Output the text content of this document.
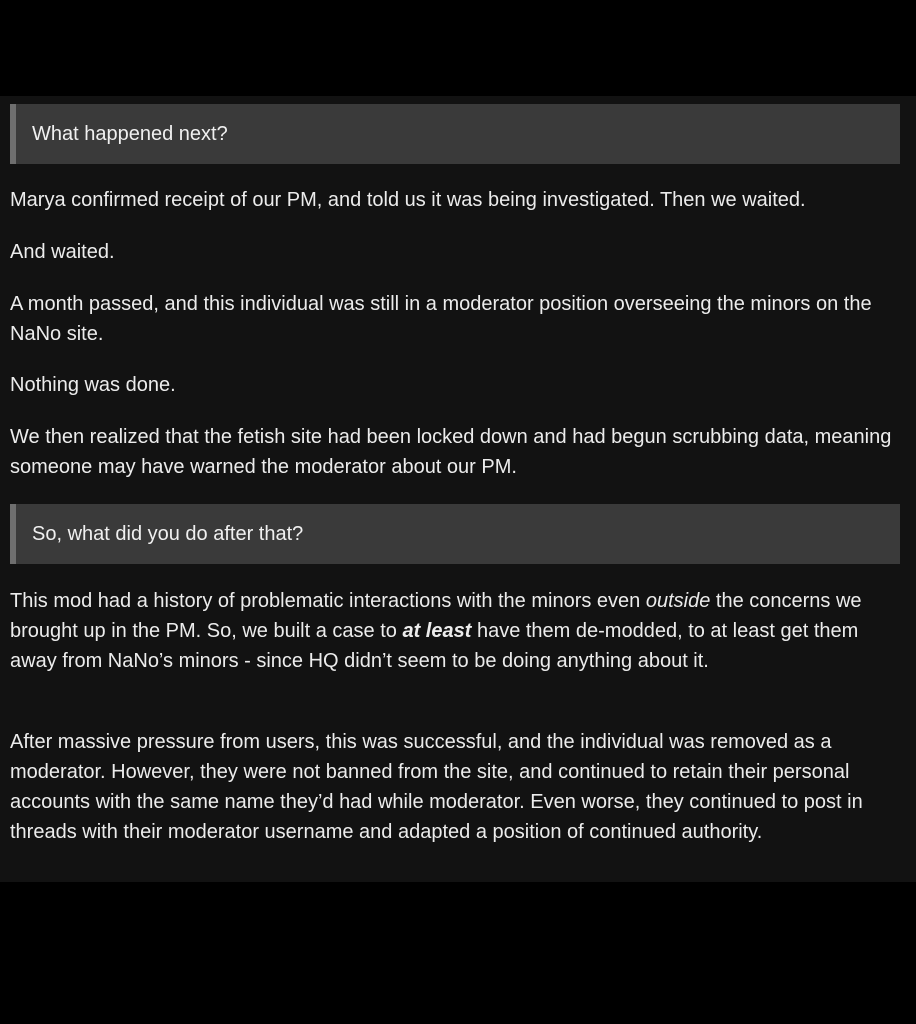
What happened next?

Marya confirmed receipt of our PM, and told us it was being investigated. Then we waited.

And waited.

A month passed, and this individual was still in a moderator position overseeing the minors on the NaNo site.

Nothing was done.

We then realized that the fetish site had been locked down and had begun scrubbing data, meaning someone may have warned the moderator about our PM.

So, what did you do after that?

This mod had a history of problematic interactions with the minors even outside the concerns we brought up in the PM. So, we built a case to at least have them de-modded, to at least get them away from NaNo’s minors - since HQ didn’t seem to be doing anything about it.

After massive pressure from users, this was successful, and the individual was removed as a moderator. However, they were not banned from the site, and continued to retain their personal accounts with the same name they’d had while moderator. Even worse, they continued to post in threads with their moderator username and adapted a position of continued authority.
